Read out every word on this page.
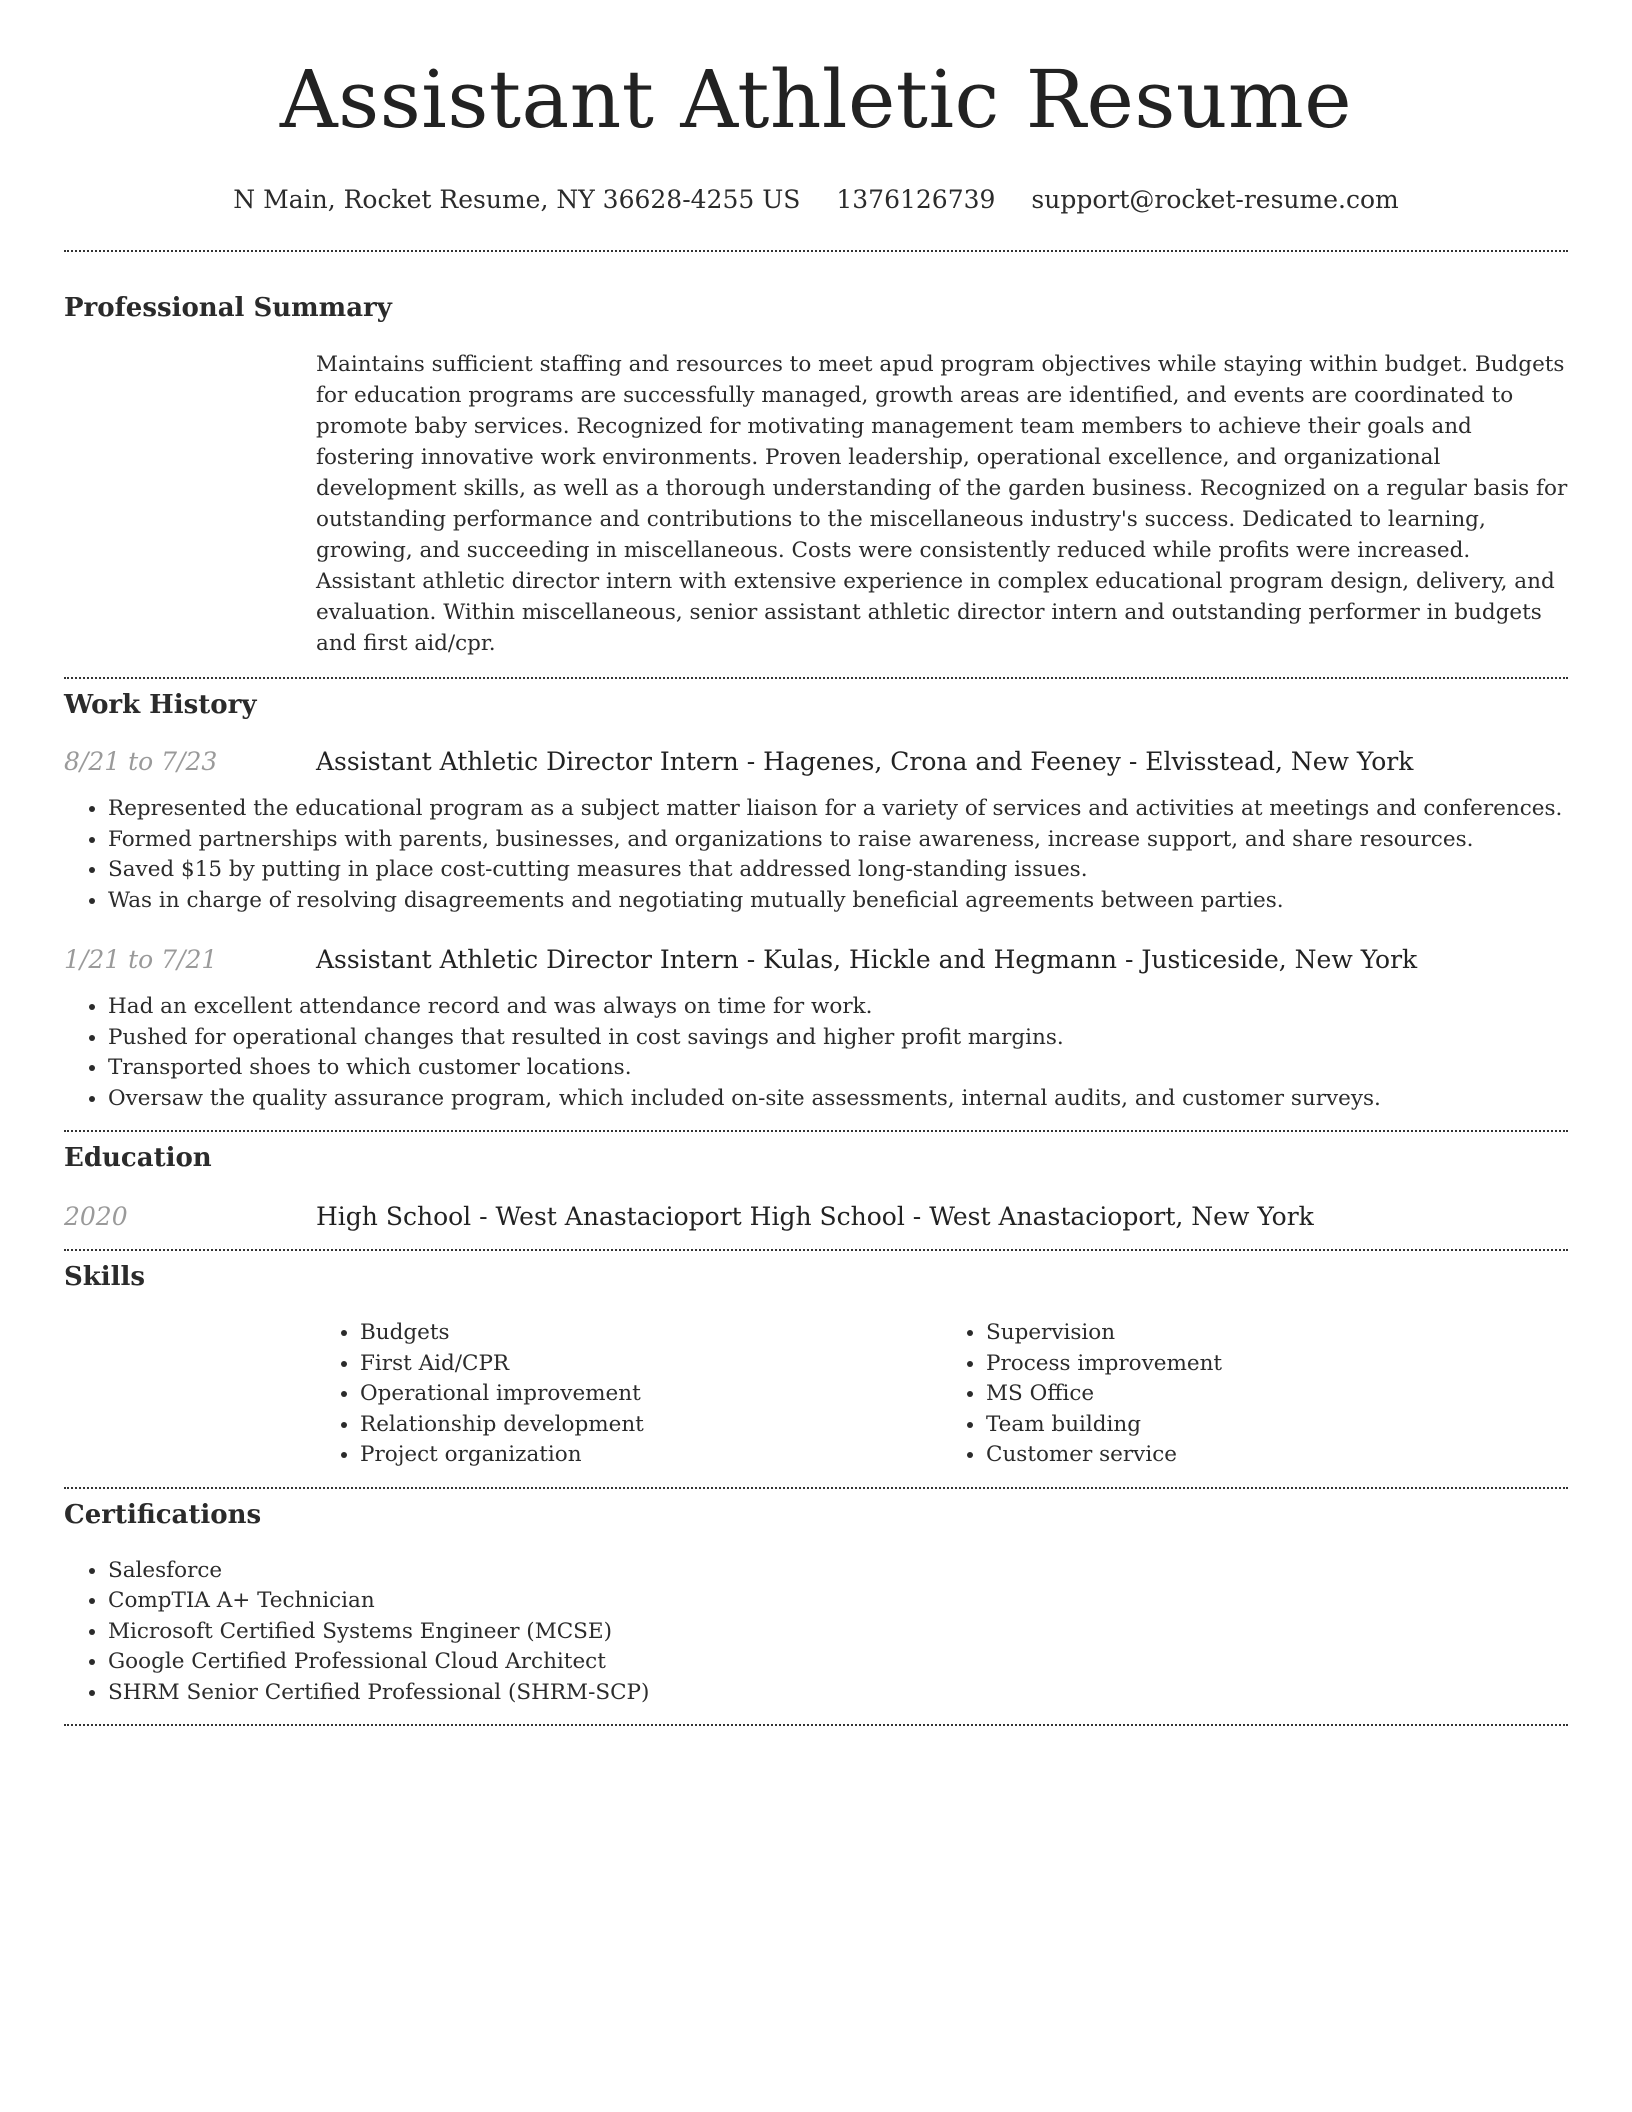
Assistant Athletic Resume
N Main, Rocket Resume, NY 36628-4255 US 1376126739 support@rocket-resume.com
Professional Summary

Maintains sufficient staffing and resources to meet apud program objectives while staying within budget. Budgets for education programs are successfully managed, growth areas are identified, and events are coordinated to promote baby services. Recognized for motivating management team members to achieve their goals and fostering innovative work environments. Proven leadership, operational excellence, and organizational development skills, as well as a thorough understanding of the garden business. Recognized on a regular basis for outstanding performance and contributions to the miscellaneous industry's success. Dedicated to learning, growing, and succeeding in miscellaneous. Costs were consistently reduced while profits were increased. Assistant athletic director intern with extensive experience in complex educational program design, delivery, and evaluation. Within miscellaneous, senior assistant athletic director intern and outstanding performer in budgets and first aid/cpr.

Work History
8/21 to 7/23	Assistant Athletic Director Intern - Hagenes, Crona and Feeney - Elvisstead, New York
• Represented the educational program as a subject matter liaison for a variety of services and activities at meetings and conferences.
• Formed partnerships with parents, businesses, and organizations to raise awareness, increase support, and share resources.
• Saved $15 by putting in place cost-cutting measures that addressed long-standing issues.
• Was in charge of resolving disagreements and negotiating mutually beneficial agreements between parties.
1/21 to 7/21	Assistant Athletic Director Intern - Kulas, Hickle and Hegmann - Justiceside, New York
• Had an excellent attendance record and was always on time for work.
• Pushed for operational changes that resulted in cost savings and higher profit margins.
• Transported shoes to which customer locations.
• Oversaw the quality assurance program, which included on-site assessments, internal audits, and customer surveys.
Education
2020	High School - West Anastacioport High School - West Anastacioport, New York
Skills
• Budgets
• First Aid/CPR
• Operational improvement
• Relationship development
• Project organization
• Supervision
• Process improvement
• MS Office
• Team building
• Customer service
Certifications
• Salesforce
• CompTIA A+ Technician
• Microsoft Certified Systems Engineer (MCSE)
• Google Certified Professional Cloud Architect
• SHRM Senior Certified Professional (SHRM-SCP)
